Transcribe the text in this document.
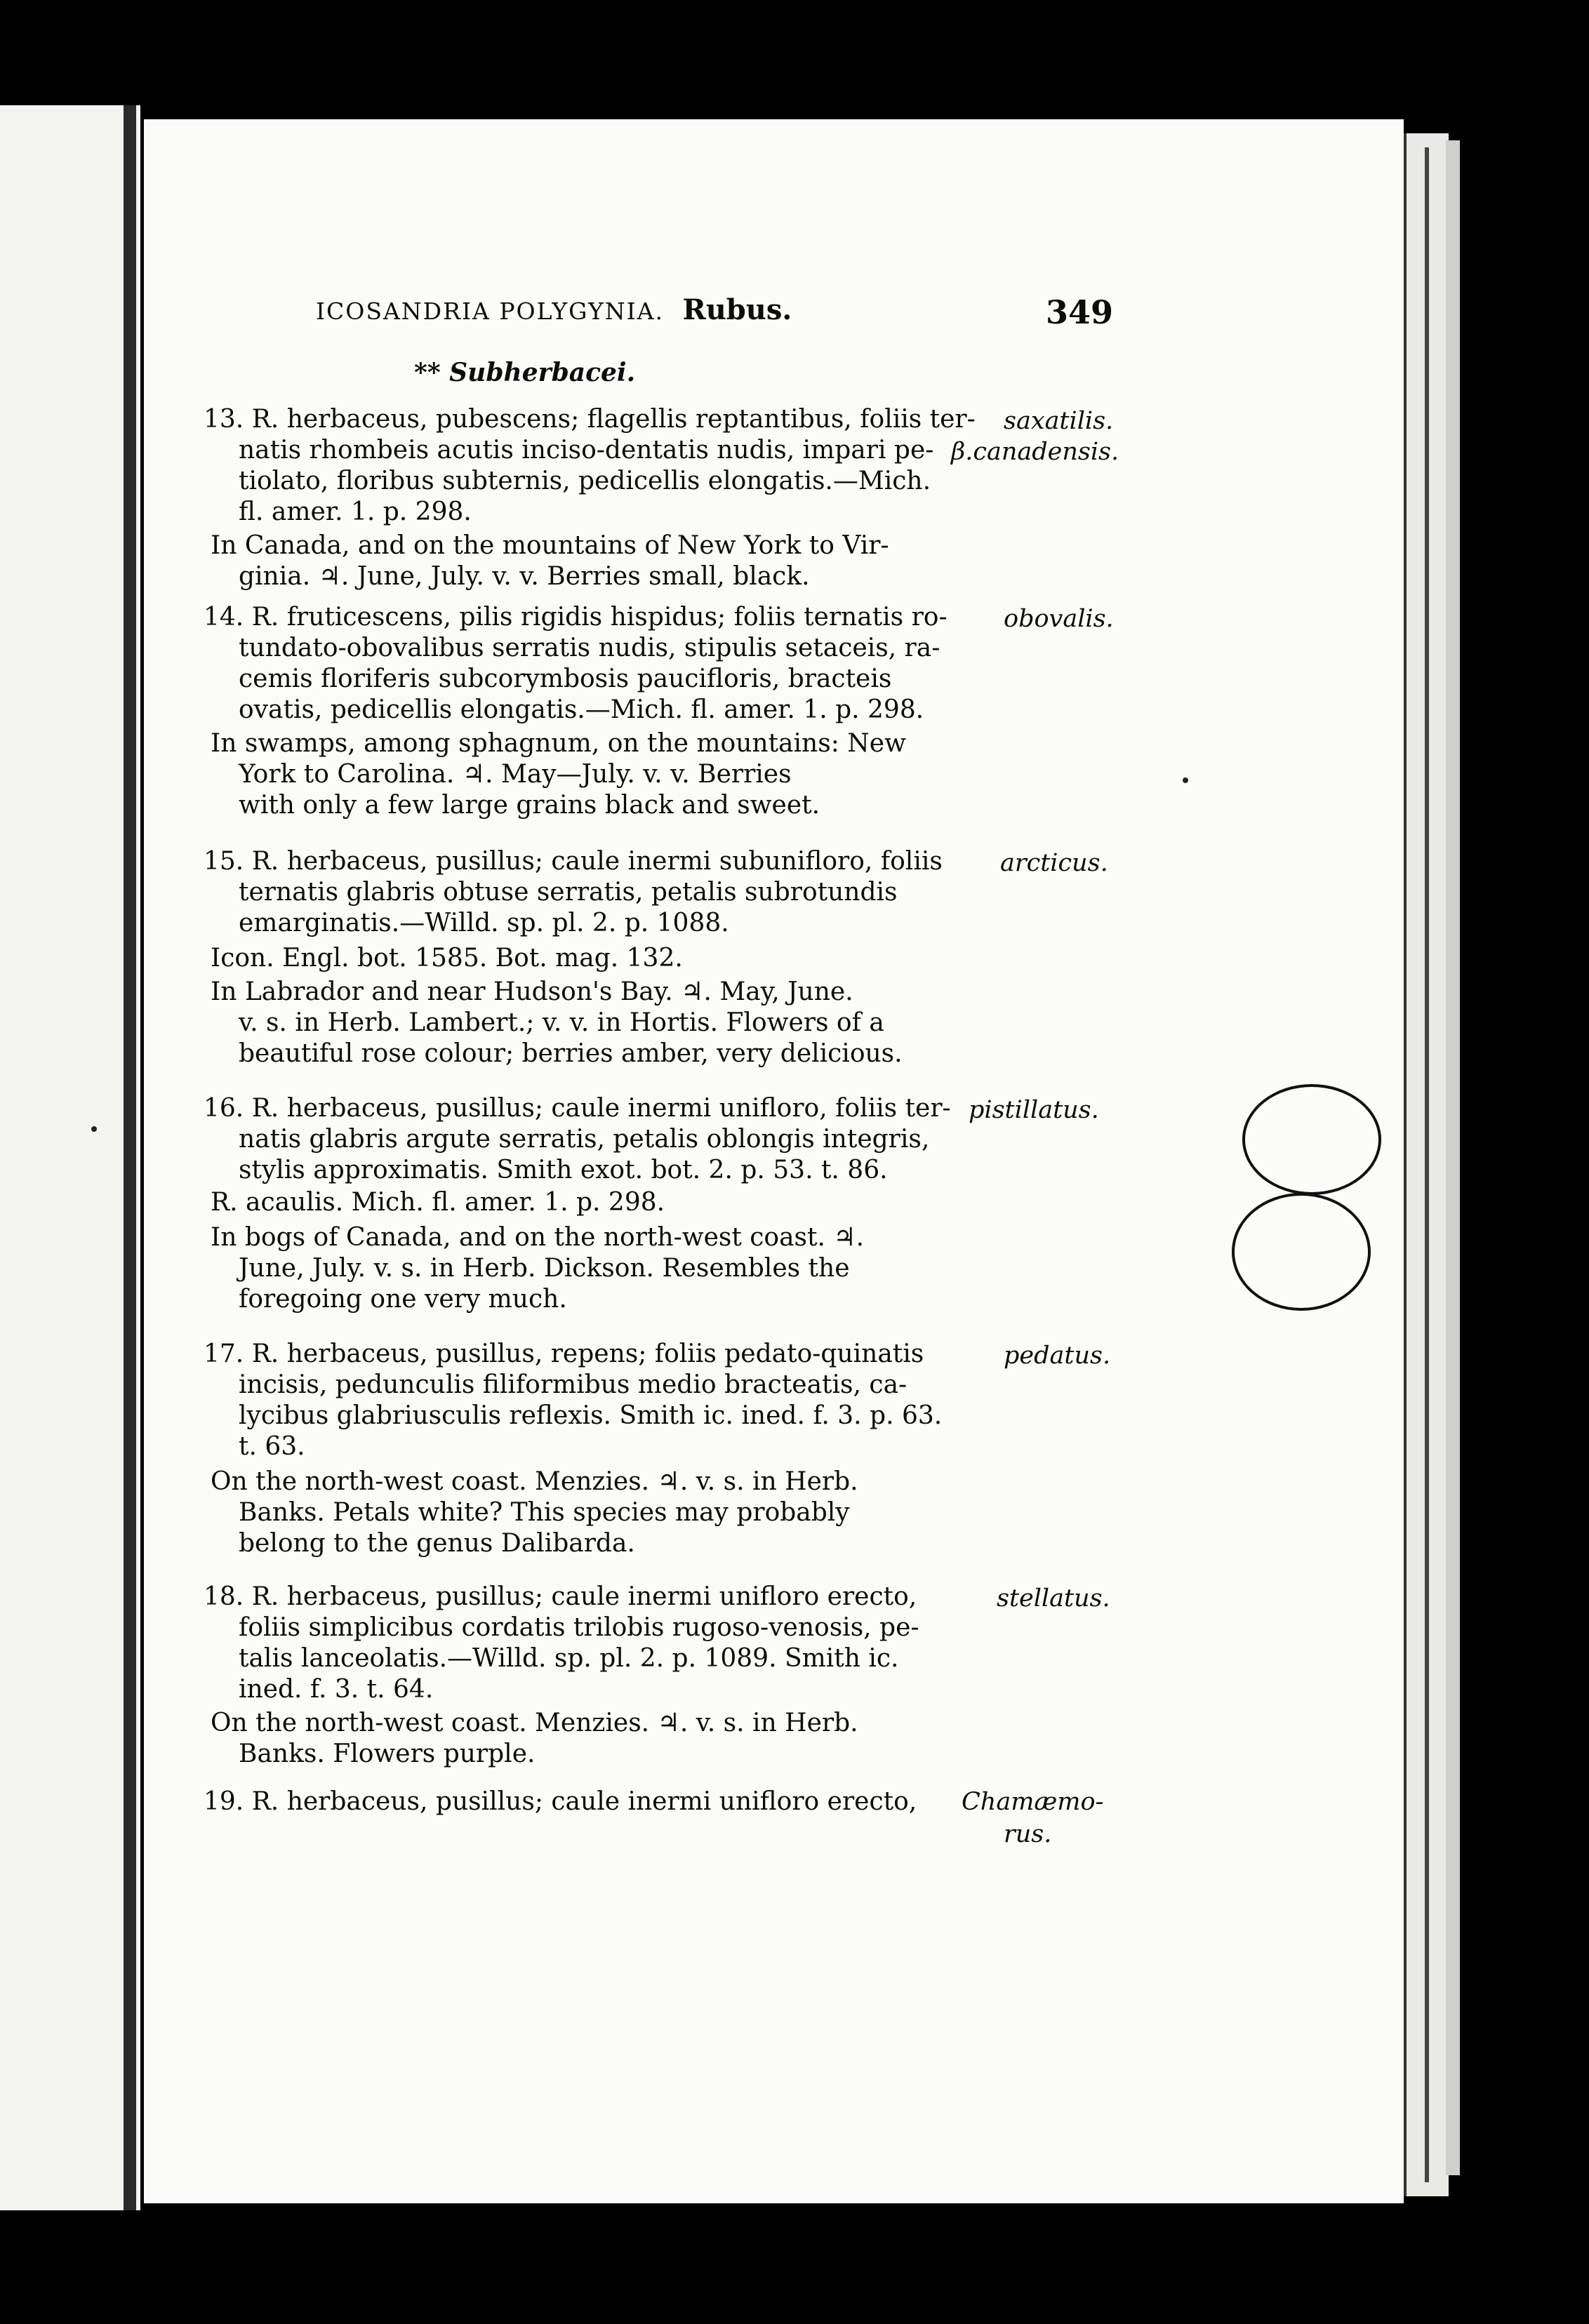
ICOSANDRIA POLYGYNIA. Rubus.	349
** Subherbacei.
13. R. herbaceus, pubescens; flagellis reptantibus, foliis ter-
natis rhombeis acutis inciso-dentatis nudis, impari pe-
tiolato, floribus subternis, pedicellis elongatis.—Mich.
fl. amer. 1. p. 298.
In Canada, and on the mountains of New York to Vir-
ginia. ♃. June, July. v. v. Berries small, black.
14. R. fruticescens, pilis rigidis hispidus; foliis ternatis ro-
tundato-obovalibus serratis nudis, stipulis setaceis, ra-
cemis floriferis subcorymbosis paucifloris, bracteis
ovatis, pedicellis elongatis.—Mich. fl. amer. 1. p. 298.
In swamps, among sphagnum, on the mountains: New
York to Carolina. ♃. May—July. v. v. Berries
with only a few large grains black and sweet.
15. R. herbaceus, pusillus; caule inermi subunifloro, foliis
ternatis glabris obtuse serratis, petalis subrotundis
emarginatis.—Willd. sp. pl. 2. p. 1088.
Icon. Engl. bot. 1585. Bot. mag. 132.
In Labrador and near Hudson's Bay. ♃. May, June.
v. s. in Herb. Lambert.; v. v. in Hortis. Flowers of a
beautiful rose colour; berries amber, very delicious.
16. R. herbaceus, pusillus; caule inermi unifloro, foliis ter-
natis glabris argute serratis, petalis oblongis integris,
stylis approximatis. Smith exot. bot. 2. p. 53. t. 86.
R. acaulis. Mich. fl. amer. 1. p. 298.
In bogs of Canada, and on the north-west coast. ♃.
June, July. v. s. in Herb. Dickson. Resembles the
foregoing one very much.
17. R. herbaceus, pusillus, repens; foliis pedato-quinatis
incisis, pedunculis filiformibus medio bracteatis, ca-
lycibus glabriusculis reflexis. Smith ic. ined. f. 3. p. 63.
t. 63.
On the north-west coast. Menzies. ♃. v. s. in Herb.
Banks. Petals white? This species may probably
belong to the genus Dalibarda.
18. R. herbaceus, pusillus; caule inermi unifloro erecto,
foliis simplicibus cordatis trilobis rugoso-venosis, pe-
talis lanceolatis.—Willd. sp. pl. 2. p. 1089. Smith ic.
ined. f. 3. t. 64.
On the north-west coast. Menzies. ♃. v. s. in Herb.
Banks. Flowers purple.
19. R. herbaceus, pusillus; caule inermi unifloro erecto,
saxatilis.
β.canadensis.
obovalis.
arcticus.
pistillatus.
pedatus.
stellatus.
Chamæmo-
rus.
